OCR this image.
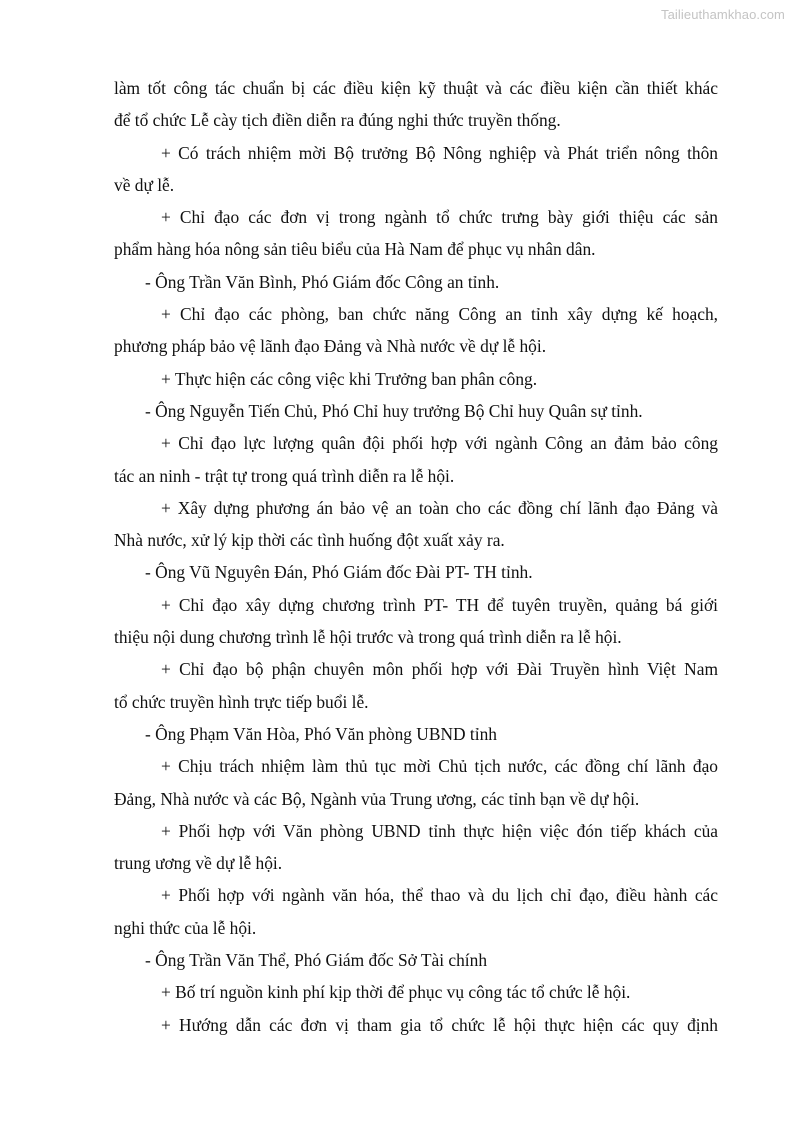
Tailieuthamkhao.com
làm tốt công tác chuẩn bị các điều kiện kỹ thuật và các điều kiện cần thiết khác
để tổ chức Lễ cày tịch điền diễn ra đúng nghi thức truyền thống.
+ Có trách nhiệm mời Bộ trưởng Bộ Nông nghiệp và Phát triển nông thôn
về dự lễ.
+ Chỉ đạo các đơn vị trong ngành tổ chức trưng bày giới thiệu các sản
phẩm hàng hóa nông sản tiêu biểu của Hà Nam để phục vụ nhân dân.
- Ông Trần Văn Bình, Phó Giám đốc Công an tỉnh.
+ Chỉ đạo các phòng, ban chức năng Công an tỉnh xây dựng kế hoạch,
phương pháp bảo vệ lãnh đạo Đảng và Nhà nước về dự lễ hội.
+ Thực hiện các công việc khi Trưởng ban phân công.
- Ông Nguyễn Tiến Chủ, Phó Chỉ huy trưởng Bộ Chỉ huy Quân sự tỉnh.
+ Chỉ đạo lực lượng quân đội phối hợp với ngành Công an đảm bảo công
tác an ninh - trật tự trong quá trình diễn ra lễ hội.
+ Xây dựng phương án bảo vệ an toàn cho các đồng chí lãnh đạo Đảng và
Nhà nước, xử lý kịp thời các tình huống đột xuất xảy ra.
- Ông Vũ Nguyên Đán, Phó Giám đốc Đài PT- TH tỉnh.
+ Chỉ đạo xây dựng chương trình PT- TH để tuyên truyền, quảng bá giới
thiệu nội dung chương trình lễ hội trước và trong quá trình diễn ra lễ hội.
+ Chỉ đạo bộ phận chuyên môn phối hợp với Đài Truyền hình Việt Nam
tổ chức truyền hình trực tiếp buổi lễ.
- Ông Phạm Văn Hòa, Phó Văn phòng UBND tỉnh
+ Chịu trách nhiệm làm thủ tục mời Chủ tịch nước, các đồng chí lãnh đạo
Đảng, Nhà nước và các Bộ, Ngành vủa Trung ương, các tỉnh bạn về dự hội.
+ Phối hợp với Văn phòng UBND tỉnh thực hiện việc đón tiếp khách của
trung ương về dự lễ hội.
+ Phối hợp với ngành văn hóa, thể thao và du lịch chỉ đạo, điều hành các
nghi thức của lễ hội.
- Ông Trần Văn Thể, Phó Giám đốc Sở Tài chính
+ Bố trí nguồn kinh phí kịp thời để phục vụ công tác tổ chức lễ hội.
+ Hướng dẫn các đơn vị tham gia tổ chức lễ hội thực hiện các quy định
